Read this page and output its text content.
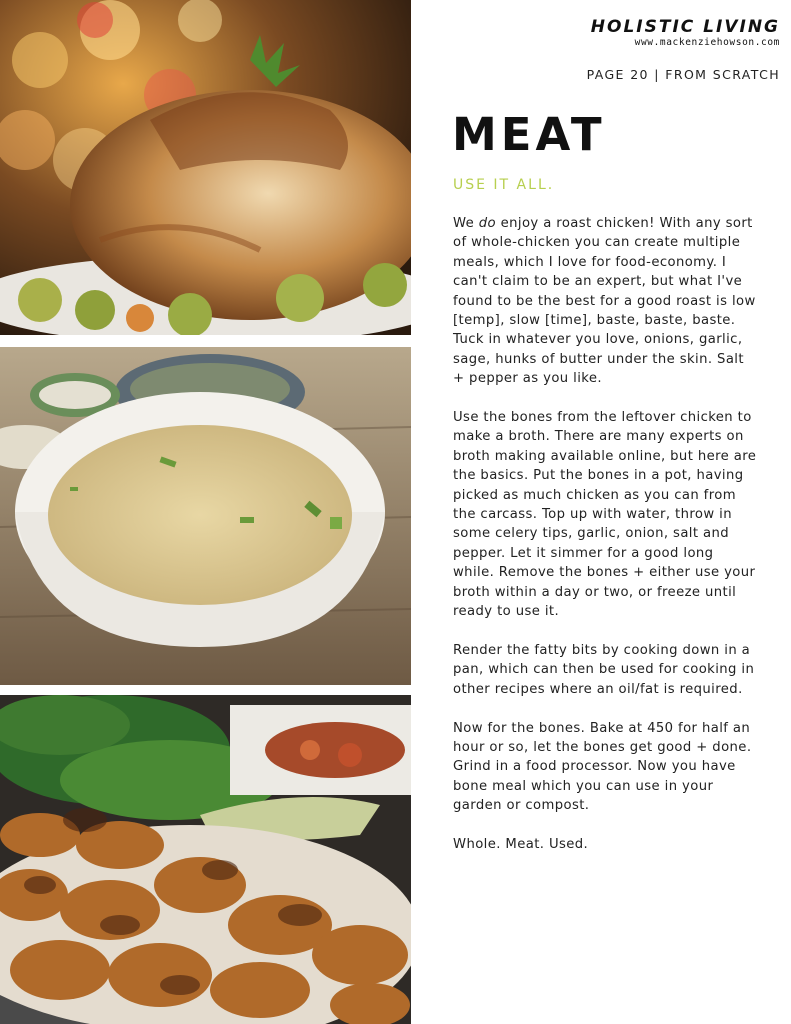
HOLISTIC LIVING
www.mackenziehowson.com
PAGE 20 | FROM SCRATCH
MEAT
USE IT ALL.

We do enjoy a roast chicken! With any sort of whole-chicken you can create multiple meals, which I love for food-economy. I can't claim to be an expert, but what I've found to be the best for a good roast is low [temp], slow [time], baste, baste, baste. Tuck in whatever you love, onions, garlic, sage, hunks of butter under the skin. Salt + pepper as you like.

Use the bones from the leftover chicken to make a broth. There are many experts on broth making available online, but here are the basics. Put the bones in a pot, having picked as much chicken as you can from the carcass. Top up with water, throw in some celery tips, garlic, onion, salt and pepper. Let it simmer for a good long while. Remove the bones + either use your broth within a day or two, or freeze until ready to use it.

Render the fatty bits by cooking down in a pan, which can then be used for cooking in other recipes where an oil/fat is required.

Now for the bones. Bake at 450 for half an hour or so, let the bones get good + done. Grind in a food processor. Now you have bone meal which you can use in your garden or compost.

Whole. Meat. Used.
